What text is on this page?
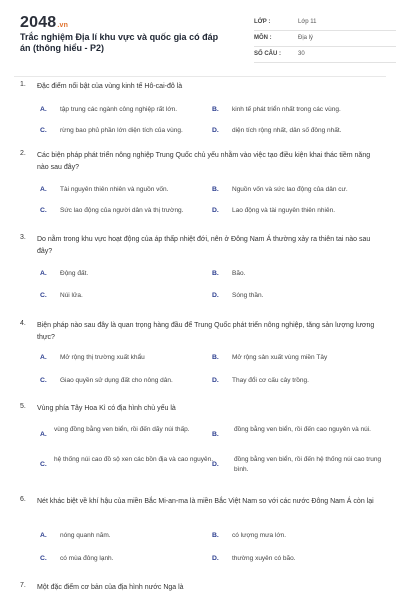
2048.vn
Trắc nghiệm Địa lí khu vực và quốc gia có đáp án (thông hiểu - P2)
LỚP :	Lớp 11
MÔN :	Địa lý
SỐ CÂU :	30
1. Đặc điểm nổi bật của vùng kinh tế Hô-cai-đô là
A. tập trung các ngành công nghiệp rất lớn.	B. kinh tế phát triển nhất trong các vùng.
C. rừng bao phủ phần lớn diện tích của vùng.	D. diện tích rộng nhất, dân số đông nhất.
2. Các biện pháp phát triển nông nghiệp Trung Quốc chủ yếu nhằm vào việc tạo điều kiện khai thác tiềm năng nào sau đây?
A. Tài nguyên thiên nhiên và nguồn vốn.	B. Nguồn vốn và sức lao động của dân cư.
C. Sức lao động của người dân và thị trường.	D. Lao động và tài nguyên thiên nhiên.
3. Do nằm trong khu vực hoạt động của áp thấp nhiệt đới, nên ở Đông Nam Á thường xảy ra thiên tai nào sau đây?
A. Động đất.	B. Bão.
C. Núi lửa.	D. Sóng thần.
4. Biện pháp nào sau đây là quan trọng hàng đầu để Trung Quốc phát triển nông nghiệp, tăng sản lượng lương thực?
A. Mở rộng thị trường xuất khẩu	B. Mở rộng sản xuất vùng miền Tây
C. Giao quyền sử dụng đất cho nông dân.	D. Thay đổi cơ cấu cây trồng.
5. Vùng phía Tây Hoa Kì có địa hình chủ yếu là
A.
vùng đồng bằng ven biển, rồi đến dãy núi thấp.
B.
đồng bằng ven biển, rồi đến cao nguyên và núi.
C.
hệ thống núi cao đồ sộ xen các bồn địa và cao nguyên.
D.
đồng bằng ven biển, rồi đến hệ thống núi cao trung bình.
6. Nét khác biệt về khí hậu của miền Bắc Mi-an-ma là miền Bắc Việt Nam so với các nước Đông Nam Á còn lại
A. nóng quanh năm.	B. có lượng mưa lớn.
C. có mùa đông lạnh.	D. thường xuyên có bão.
7. Một đặc điểm cơ bản của địa hình nước Nga là
